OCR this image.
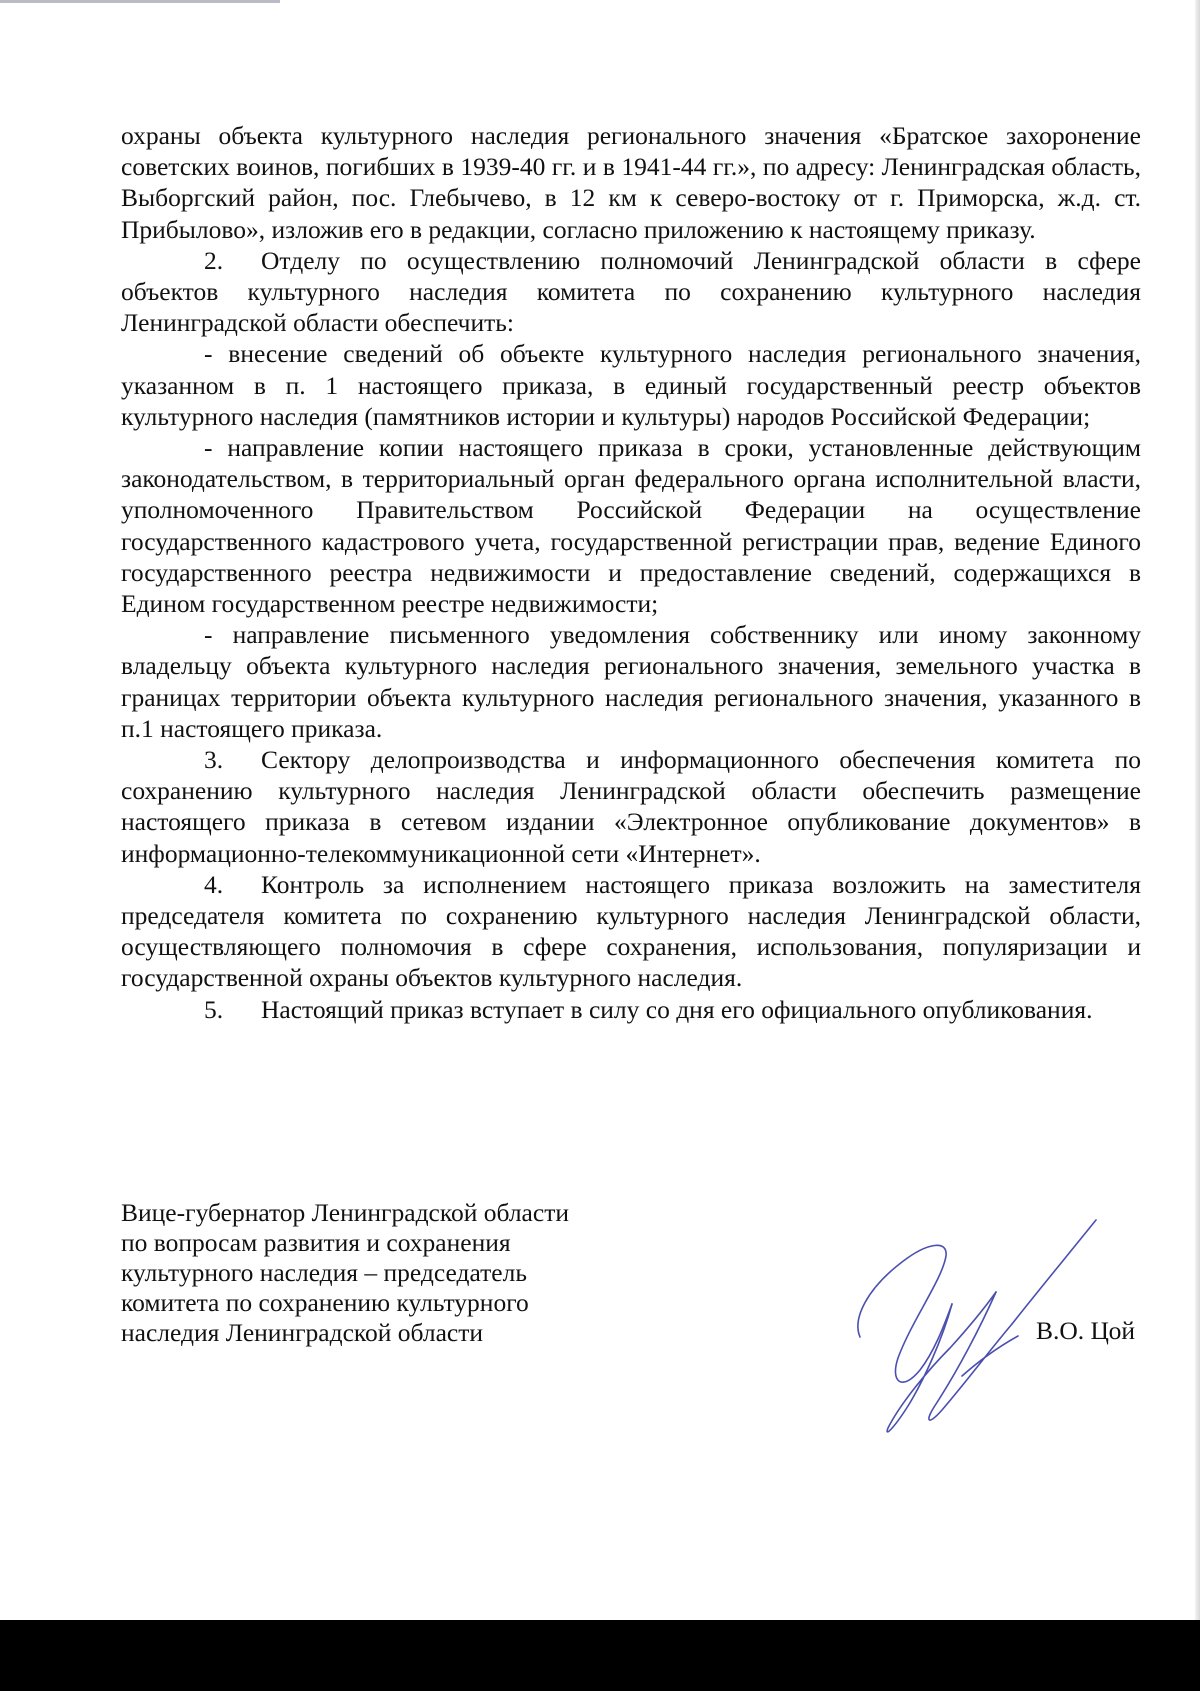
охраны объекта культурного наследия регионального значения «Братское захоронение советских воинов, погибших в 1939-40 гг. и в 1941-44 гг.», по адресу: Ленинградская область, Выборгский район, пос. Глебычево, в 12 км к северо-востоку от г. Приморска, ж.д. ст. Прибылово», изложив его в редакции, согласно приложению к настоящему приказу.

2. Отделу по осуществлению полномочий Ленинградской области в сфере объектов культурного наследия комитета по сохранению культурного наследия Ленинградской области обеспечить:

- внесение сведений об объекте культурного наследия регионального значения, указанном в п. 1 настоящего приказа, в единый государственный реестр объектов культурного наследия (памятников истории и культуры) народов Российской Федерации;

- направление копии настоящего приказа в сроки, установленные действующим законодательством, в территориальный орган федерального органа исполнительной власти, уполномоченного Правительством Российской Федерации на осуществление государственного кадастрового учета, государственной регистрации прав, ведение Единого государственного реестра недвижимости и предоставление сведений, содержащихся в Едином государственном реестре недвижимости;

- направление письменного уведомления собственнику или иному законному владельцу объекта культурного наследия регионального значения, земельного участка в границах территории объекта культурного наследия регионального значения, указанного в п.1 настоящего приказа.

3. Сектору делопроизводства и информационного обеспечения комитета по сохранению культурного наследия Ленинградской области обеспечить размещение настоящего приказа в сетевом издании «Электронное опубликование документов» в информационно-телекоммуникационной сети «Интернет».

4. Контроль за исполнением настоящего приказа возложить на заместителя председателя комитета по сохранению культурного наследия Ленинградской области, осуществляющего полномочия в сфере сохранения, использования, популяризации и государственной охраны объектов культурного наследия.

5. Настоящий приказ вступает в силу со дня его официального опубликования.

Вице-губернатор Ленинградской области
по вопросам развития и сохранения
культурного наследия – председатель
комитета по сохранению культурного
наследия Ленинградской области	В.О. Цой
